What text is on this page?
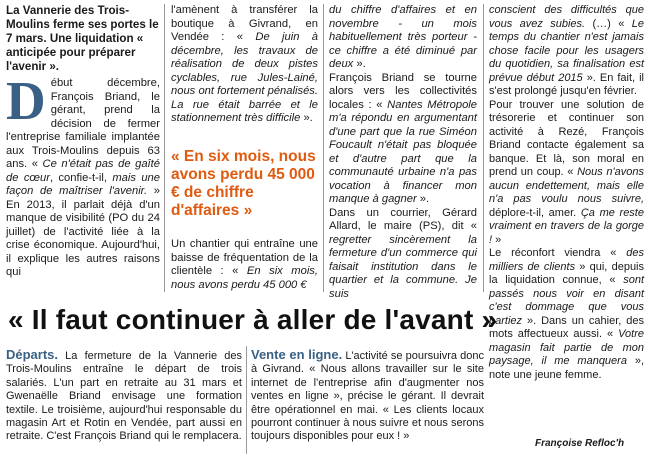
La Vannerie des Trois-Moulins ferme ses portes le 7 mars. Une liquidation « anticipée pour préparer l'avenir ».

Début décembre, François Briand, le gérant, prend la décision de fermer l'entreprise familiale implantée aux Trois-Moulins depuis 63 ans. « Ce n'était pas de gaîté de cœur, confie-t-il, mais une façon de maîtriser l'avenir. » En 2013, il parlait déjà d'un manque de visibilité (PO du 24 juillet) de l'activité liée à la crise économique. Aujourd'hui, il explique les autres raisons qui

l'amènent à transférer la boutique à Givrand, en Vendée : « De juin à décembre, les travaux de réalisation de deux pistes cyclables, rue Jules-Lainé, nous ont fortement pénalisés. La rue était barrée et le stationnement très difficile ».

« En six mois, nous avons perdu 45 000 € de chiffre d'affaires »

Un chantier qui entraîne une baisse de fréquentation de la clientèle : « En six mois, nous avons perdu 45 000 €

du chiffre d'affaires et en novembre - un mois habituellement très porteur - ce chiffre a été diminué par deux ».

François Briand se tourne alors vers les collectivités locales : « Nantes Métropole m'a répondu en argumentant d'une part que la rue Siméon Foucault n'était pas bloquée et d'autre part que la communauté urbaine n'a pas vocation à financer mon manque à gagner ».

Dans un courrier, Gérard Allard, le maire (PS), dit « regretter sincèrement la fermeture d'un commerce qui faisait institution dans le quartier et la commune. Je suis

conscient des difficultés que vous avez subies. (…) « Le temps du chantier n'est jamais chose facile pour les usagers du quotidien, sa finalisation est prévue début 2015 ». En fait, il s'est prolongé jusqu'en février.

Pour trouver une solution de trésorerie et continuer son activité à Rezé, François Briand contacte également sa banque. Et là, son moral en prend un coup. « Nous n'avons aucun endettement, mais elle n'a pas voulu nous suivre, déplore-t-il, amer. Ça me reste vraiment en travers de la gorge ! »

Le réconfort viendra « des milliers de clients » qui, depuis la liquidation connue, « sont passés nous voir en disant c'est dommage que vous partiez ». Dans un cahier, des mots affectueux aussi. « Votre magasin fait partie de mon paysage, il me manquera », note une jeune femme.

« Il faut continuer à aller de l'avant »
Départs. La fermeture de la Vannerie des Trois-Moulins entraîne le départ de trois salariés. L'un part en retraite au 31 mars et Gwenaëlle Briand envisage une formation textile. Le troisième, aujourd'hui responsable du magasin Art et Rotin en Vendée, part aussi en retraite. C'est François Briand qui le remplacera.
Vente en ligne. L'activité se poursuivra donc à Givrand. « Nous allons travailler sur le site internet de l'entreprise afin d'augmenter nos ventes en ligne », précise le gérant. Il devrait être opérationnel en mai. « Les clients locaux pourront continuer à nous suivre et nous serons toujours disponibles pour eux ! »
Françoise Refloc'h
